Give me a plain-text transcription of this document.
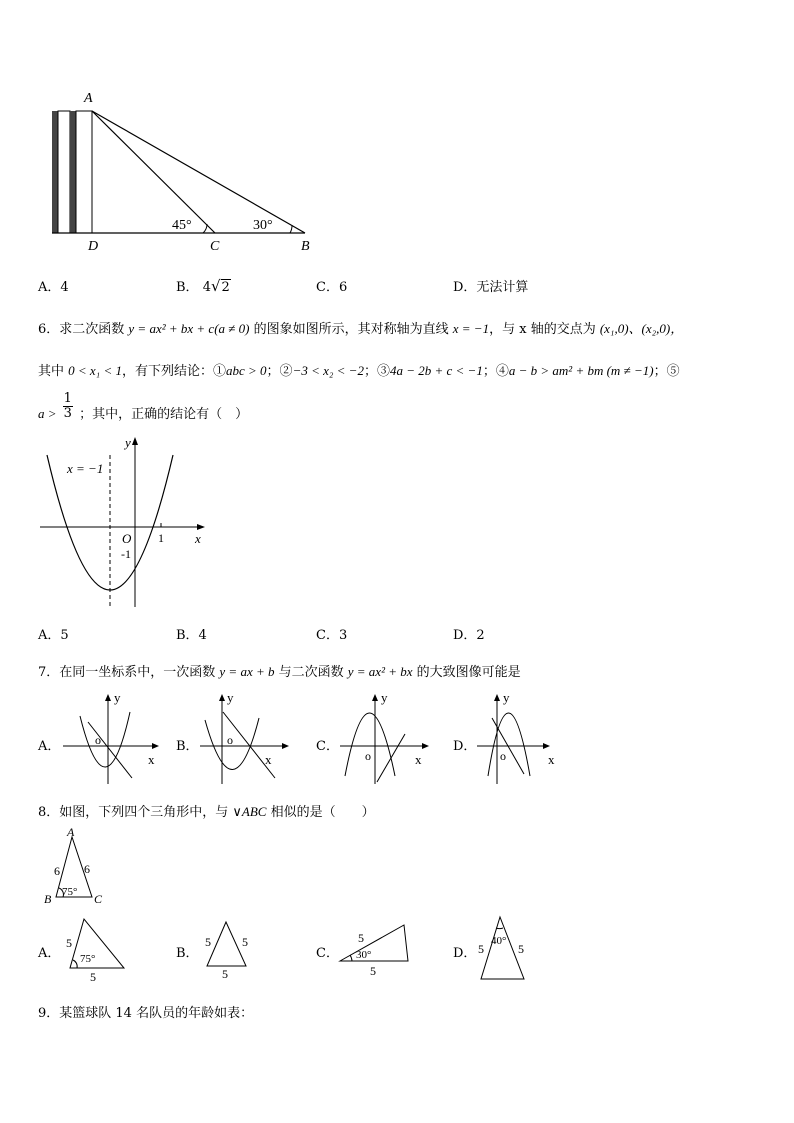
A
D	C	B
45°	30°
A．4	B． 4√2	C．6	D．无法计算
6．求二次函数 y = ax² + bx + c(a ≠ 0) 的图象如图所示，其对称轴为直线 x = −1，与 x 轴的交点为 (x₁,0)、(x₂,0)，
其中 0 < x₁ < 1，有下列结论：①abc > 0；②−3 < x₂ < −2；③4a − 2b + c < −1；④a − b > am² + bm (m ≠ −1)；⑤
$a > \frac{1}{3}$ ；其中，正确的结论有（　）
x = −1
y
x
O 1
-1
A．5	B．4	C．3	D．2
7．在同一坐标系中，一次函数 y = ax + b 与二次函数 y = ax² + bx 的大致图像可能是
A．	B．	C．	D．
y
x
o
y
x
o
y
x
o
y
x
o
8．如图，下列四个三角形中，与 ∨ABC 相似的是（　　）
A
B	C
6 6
75°
A．	B．	C．	D．
5
75°
5
5	5
5
5
30°
5
5
40°
5
9．某篮球队 14 名队员的年龄如表：
